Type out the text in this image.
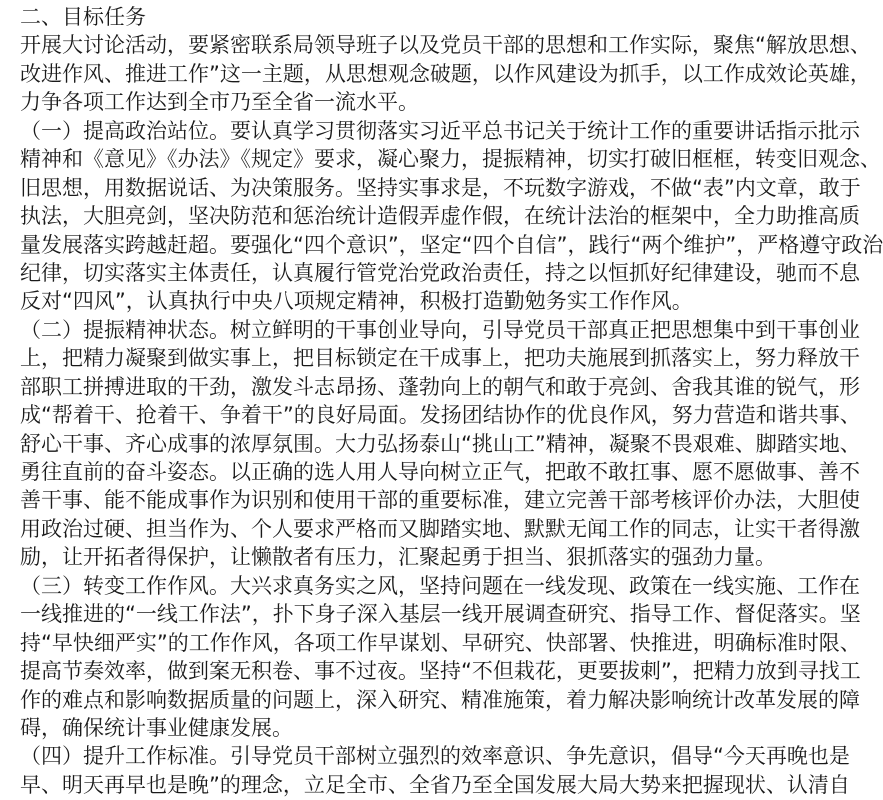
二、目标任务
开展大讨论活动，要紧密联系局领导班子以及党员干部的思想和工作实际，聚焦“解放思想、
改进作风、推进工作”这一主题，从思想观念破题，以作风建设为抓手，以工作成效论英雄，
力争各项工作达到全市乃至全省一流水平。
（一）提高政治站位。要认真学习贯彻落实习近平总书记关于统计工作的重要讲话指示批示
精神和《意见》《办法》《规定》要求，凝心聚力，提振精神，切实打破旧框框，转变旧观念、
旧思想，用数据说话、为决策服务。坚持实事求是，不玩数字游戏，不做“表”内文章，敢于
执法，大胆亮剑，坚决防范和惩治统计造假弄虚作假，在统计法治的框架中，全力助推高质
量发展落实跨越赶超。要强化“四个意识”，坚定“四个自信”，践行“两个维护”，严格遵守政治
纪律，切实落实主体责任，认真履行管党治党政治责任，持之以恒抓好纪律建设，驰而不息
反对“四风”，认真执行中央八项规定精神，积极打造勤勉务实工作作风。
（二）提振精神状态。树立鲜明的干事创业导向，引导党员干部真正把思想集中到干事创业
上，把精力凝聚到做实事上，把目标锁定在干成事上，把功夫施展到抓落实上，努力释放干
部职工拼搏进取的干劲，激发斗志昂扬、蓬勃向上的朝气和敢于亮剑、舍我其谁的锐气，形
成“帮着干、抢着干、争着干”的良好局面。发扬团结协作的优良作风，努力营造和谐共事、
舒心干事、齐心成事的浓厚氛围。大力弘扬泰山“挑山工”精神，凝聚不畏艰难、脚踏实地、
勇往直前的奋斗姿态。以正确的选人用人导向树立正气，把敢不敢扛事、愿不愿做事、善不
善干事、能不能成事作为识别和使用干部的重要标准，建立完善干部考核评价办法，大胆使
用政治过硬、担当作为、个人要求严格而又脚踏实地、默默无闻工作的同志，让实干者得激
励，让开拓者得保护，让懒散者有压力，汇聚起勇于担当、狠抓落实的强劲力量。
（三）转变工作作风。大兴求真务实之风，坚持问题在一线发现、政策在一线实施、工作在
一线推进的“一线工作法”，扑下身子深入基层一线开展调查研究、指导工作、督促落实。坚
持“早快细严实”的工作作风，各项工作早谋划、早研究、快部署、快推进，明确标准时限、
提高节奏效率，做到案无积卷、事不过夜。坚持“不但栽花，更要拔刺”，把精力放到寻找工
作的难点和影响数据质量的问题上，深入研究、精准施策，着力解决影响统计改革发展的障
碍，确保统计事业健康发展。
（四）提升工作标准。引导党员干部树立强烈的效率意识、争先意识，倡导“今天再晚也是
早、明天再早也是晚”的理念，立足全市、全省乃至全国发展大局大势来把握现状、认清自
